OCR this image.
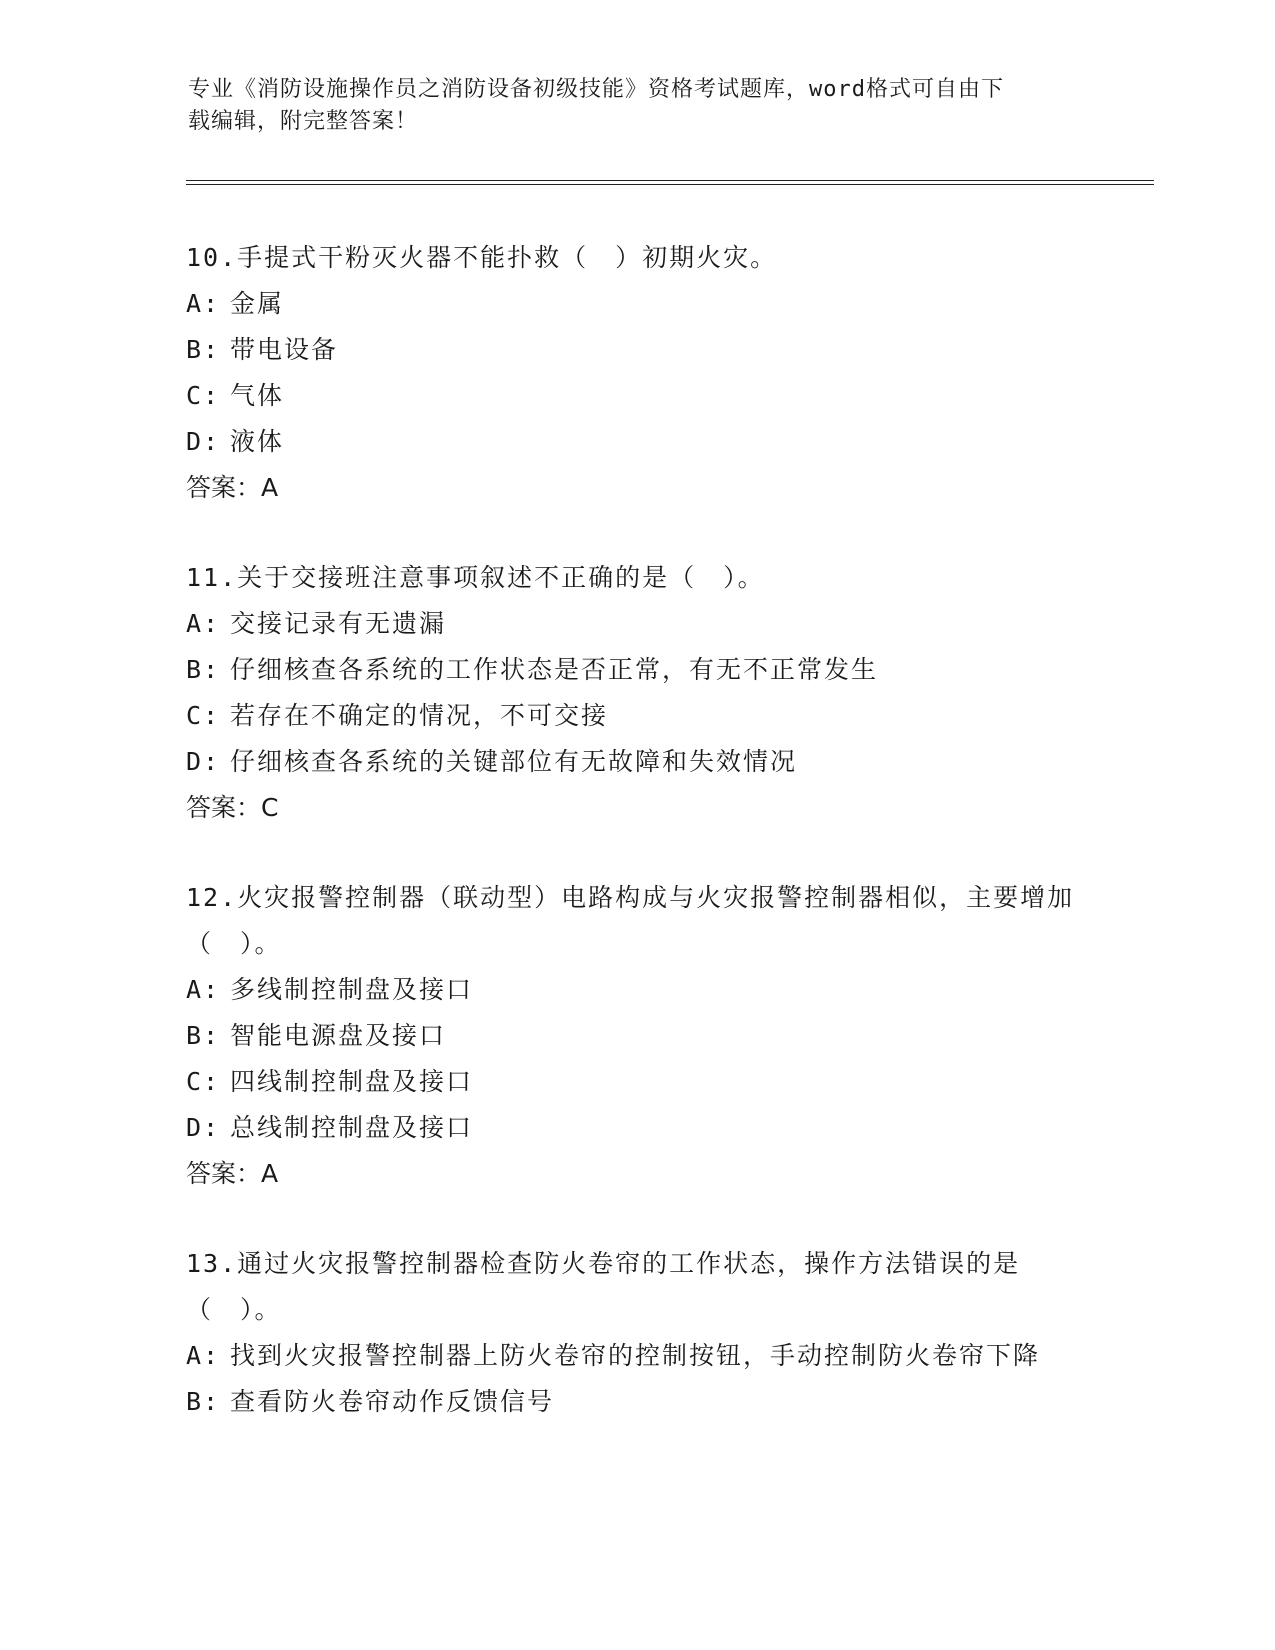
专业《消防设施操作员之消防设备初级技能》资格考试题库，word格式可自由下
载编辑，附完整答案！

10.手提式干粉灭火器不能扑救（　）初期火灾。

A: 金属

B: 带电设备

C: 气体

D: 液体

答案：A

11.关于交接班注意事项叙述不正确的是（　）。

A: 交接记录有无遗漏

B: 仔细核查各系统的工作状态是否正常，有无不正常发生

C: 若存在不确定的情况，不可交接

D: 仔细核查各系统的关键部位有无故障和失效情况

答案：C

12.火灾报警控制器（联动型）电路构成与火灾报警控制器相似，主要增加（　）。

A: 多线制控制盘及接口

B: 智能电源盘及接口

C: 四线制控制盘及接口

D: 总线制控制盘及接口

答案：A

13.通过火灾报警控制器检查防火卷帘的工作状态，操作方法错误的是（　）。

A: 找到火灾报警控制器上防火卷帘的控制按钮，手动控制防火卷帘下降

B: 查看防火卷帘动作反馈信号
